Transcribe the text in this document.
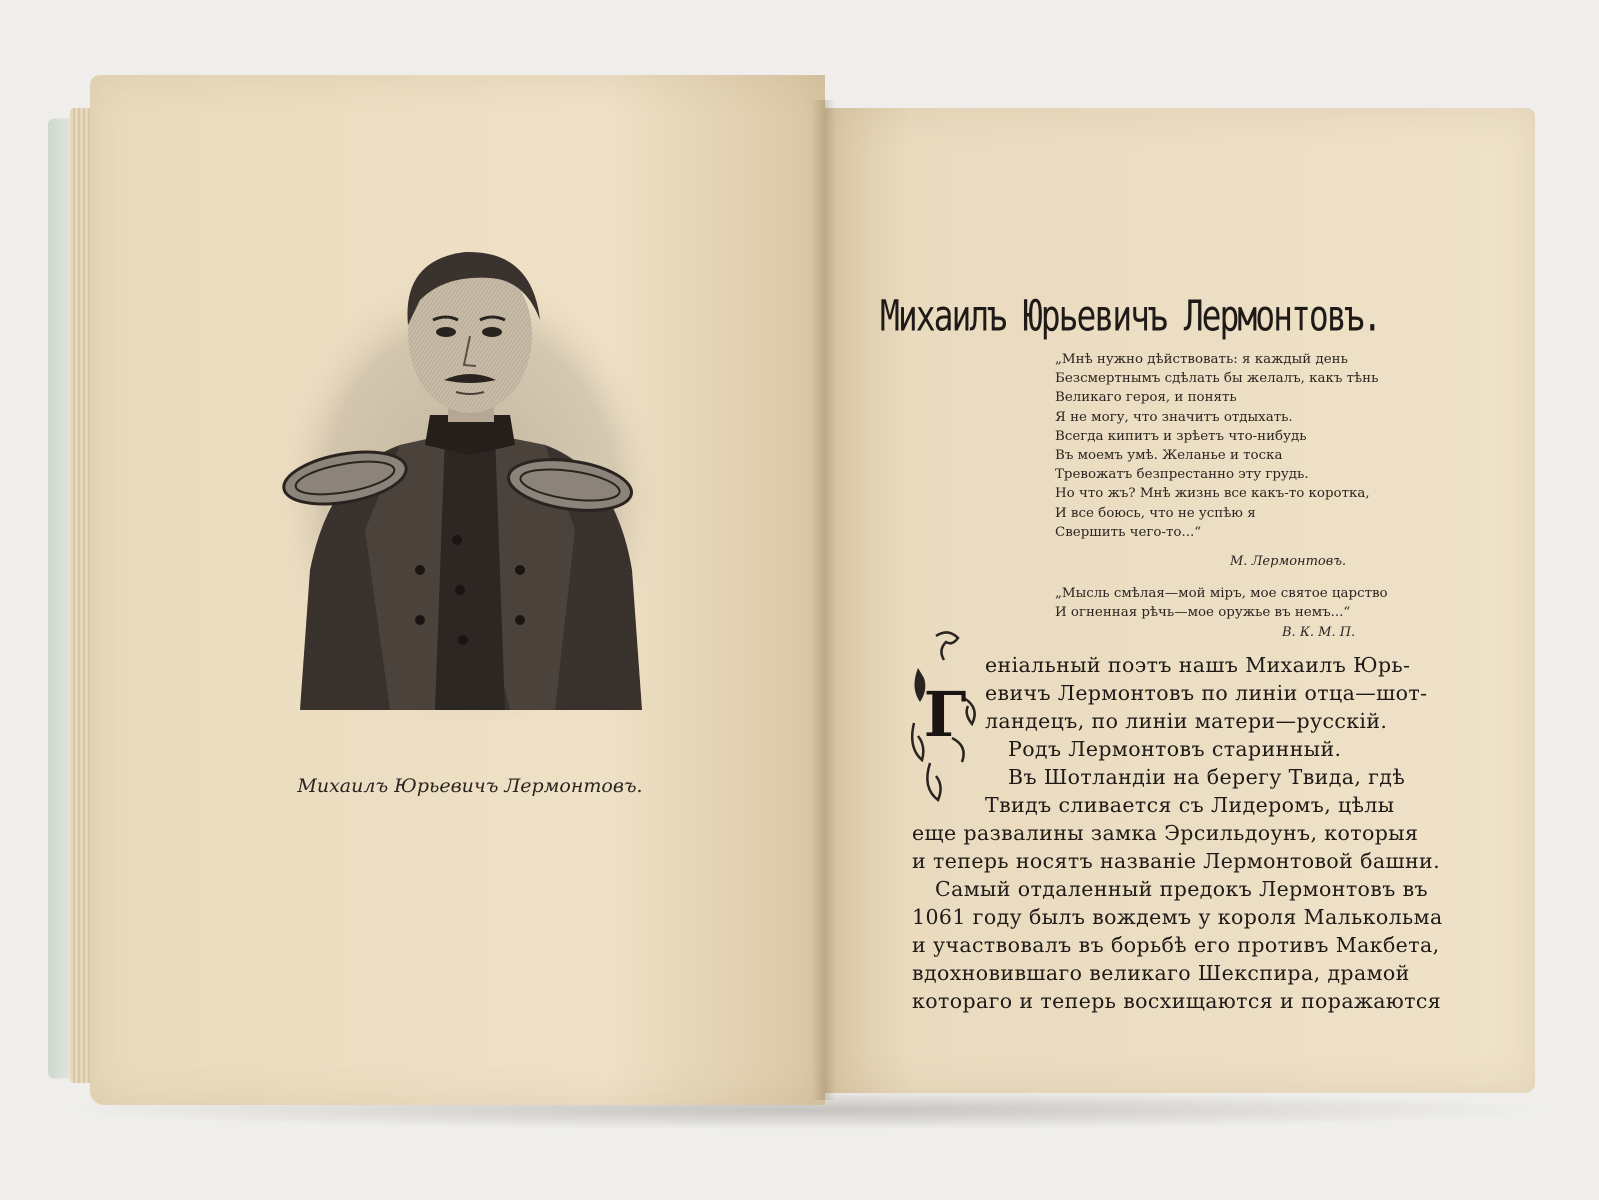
Михаилъ Юрьевичъ Лермонтовъ.
Михаилъ Юрьевичъ Лермонтовъ.
„Мнѣ нужно дѣйствовать: я каждый день
Безсмертнымъ сдѣлать бы желалъ, какъ тѣнь
Великаго героя, и понять
Я не могу, что значитъ отдыхать.
Всегда кипитъ и зрѣетъ что-нибудь
Въ моемъ умѣ. Желанье и тоска
Тревожатъ безпрестанно эту грудь.
Но что жъ? Мнѣ жизнь все какъ-то коротка,
И все боюсь, что не успѣю я
Свершить чего-то...“
М. Лермонтовъ.
„Мысль смѣлая—мой міръ, мое святое царство
И огненная рѣчь—мое оружье въ немъ...“
В. К. М. П.
Г

еніальный поэтъ нашъ Михаилъ Юрь-

евичъ Лермонтовъ по линіи отца—шот-

ландецъ, по линіи матери—русскій.

Родъ Лермонтовъ старинный.

Въ Шотландіи на берегу Твида, гдѣ

Твидъ сливается съ Лидеромъ, цѣлы

еще развалины замка Эрсильдоунъ, которыя

и теперь носятъ названіе Лермонтовой башни.

Самый отдаленный предокъ Лермонтовъ въ

1061 году былъ вождемъ у короля Малькольма

и участвовалъ въ борьбѣ его противъ Макбета,

вдохновившаго великаго Шекспира, драмой

котораго и теперь восхищаются и поражаются
